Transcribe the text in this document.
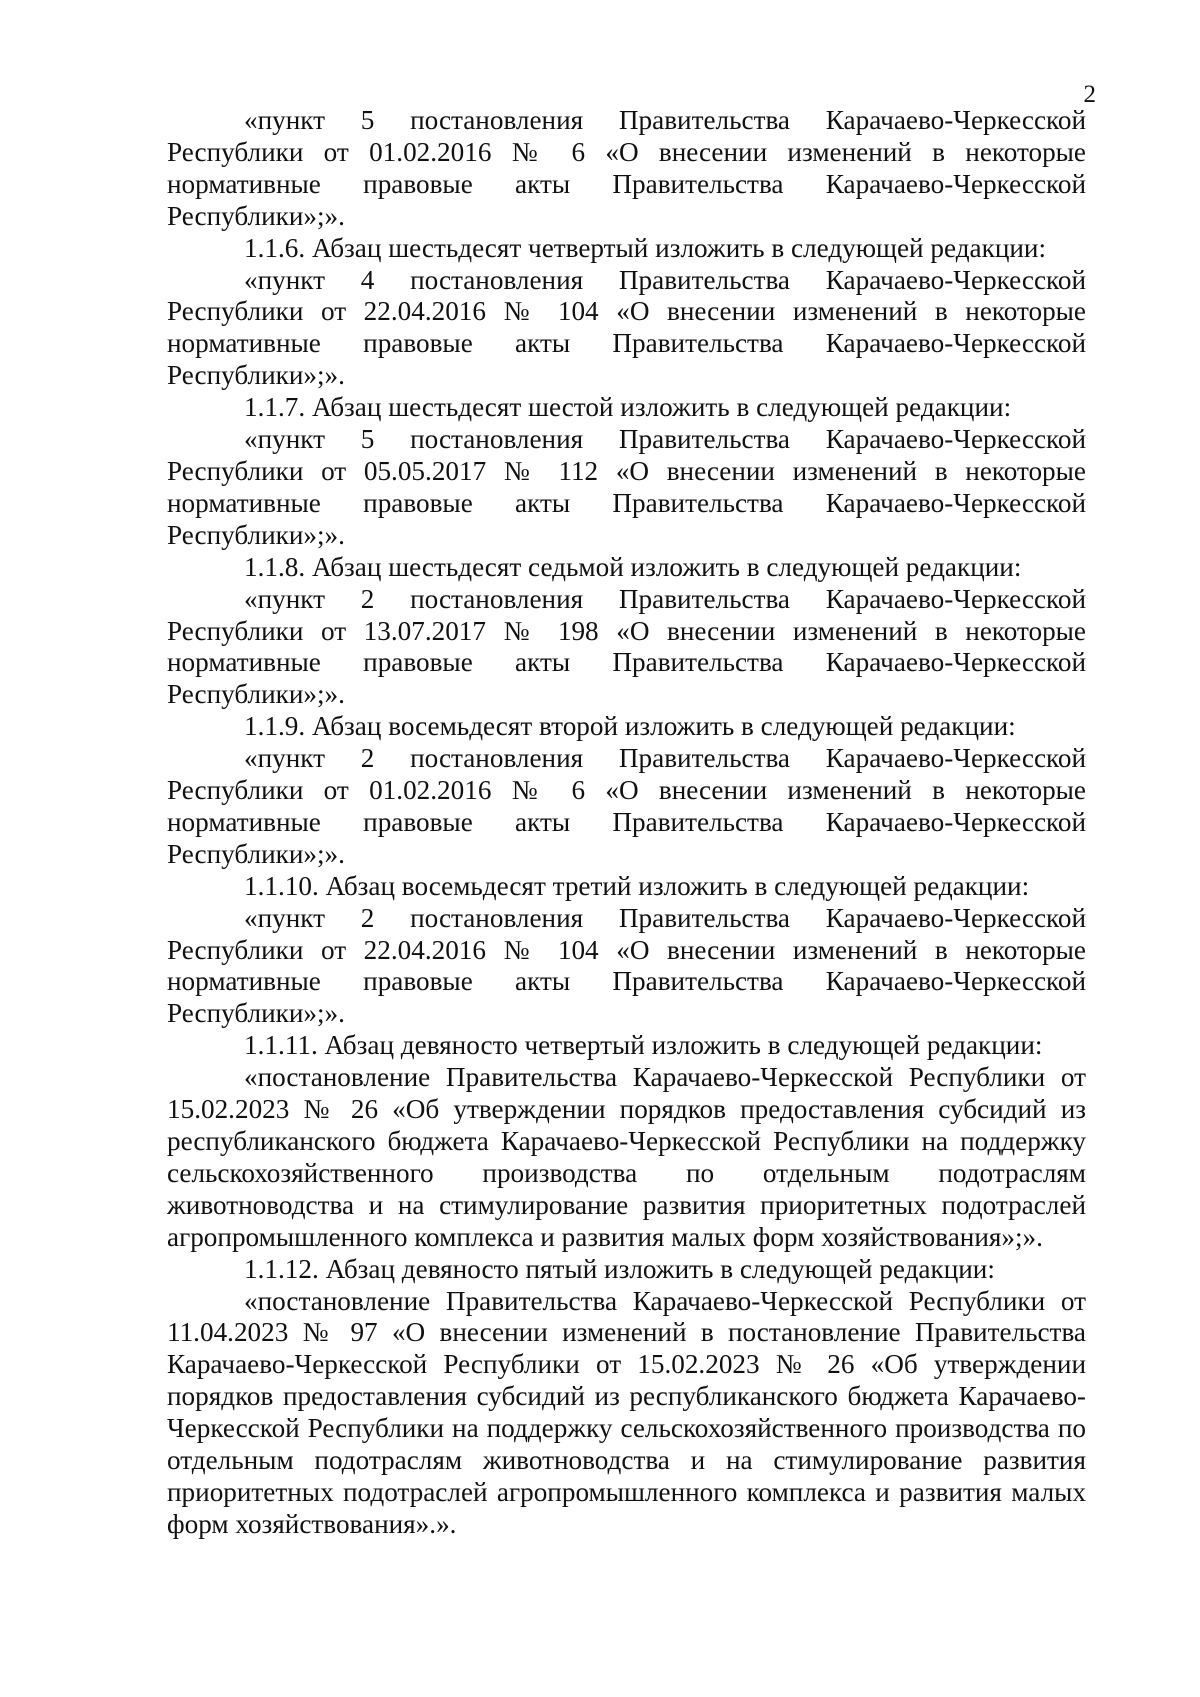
2

«пункт 5 постановления Правительства Карачаево-Черкесской Республики от 01.02.2016 № 6 «О внесении изменений в некоторые нормативные правовые акты Правительства Карачаево-Черкесской Республики»;».

1.1.6. Абзац шестьдесят четвертый изложить в следующей редакции:

«пункт 4 постановления Правительства Карачаево-Черкесской Республики от 22.04.2016 № 104 «О внесении изменений в некоторые нормативные правовые акты Правительства Карачаево-Черкесской Республики»;».

1.1.7. Абзац шестьдесят шестой изложить в следующей редакции:

«пункт 5 постановления Правительства Карачаево-Черкесской Республики от 05.05.2017 № 112 «О внесении изменений в некоторые нормативные правовые акты Правительства Карачаево-Черкесской Республики»;».

1.1.8. Абзац шестьдесят седьмой изложить в следующей редакции:

«пункт 2 постановления Правительства Карачаево-Черкесской Республики от 13.07.2017 № 198 «О внесении изменений в некоторые нормативные правовые акты Правительства Карачаево-Черкесской Республики»;».

1.1.9. Абзац восемьдесят второй изложить в следующей редакции:

«пункт 2 постановления Правительства Карачаево-Черкесской Республики от 01.02.2016 № 6 «О внесении изменений в некоторые нормативные правовые акты Правительства Карачаево-Черкесской Республики»;».

1.1.10. Абзац восемьдесят третий изложить в следующей редакции:

«пункт 2 постановления Правительства Карачаево-Черкесской Республики от 22.04.2016 № 104 «О внесении изменений в некоторые нормативные правовые акты Правительства Карачаево-Черкесской Республики»;».

1.1.11. Абзац девяносто четвертый изложить в следующей редакции:

«постановление Правительства Карачаево-Черкесской Республики от 15.02.2023 № 26 «Об утверждении порядков предоставления субсидий из республиканского бюджета Карачаево-Черкесской Республики на поддержку сельскохозяйственного производства по отдельным подотраслям животноводства и на стимулирование развития приоритетных подотраслей агропромышленного комплекса и развития малых форм хозяйствования»;».

1.1.12. Абзац девяносто пятый изложить в следующей редакции:

«постановление Правительства Карачаево-Черкесской Республики от 11.04.2023 № 97 «О внесении изменений в постановление Правительства Карачаево-Черкесской Республики от 15.02.2023 № 26 «Об утверждении порядков предоставления субсидий из республиканского бюджета Карачаево-Черкесской Республики на поддержку сельскохозяйственного производства по отдельным подотраслям животноводства и на стимулирование развития приоритетных подотраслей агропромышленного комплекса и развития малых форм хозяйствования».».
